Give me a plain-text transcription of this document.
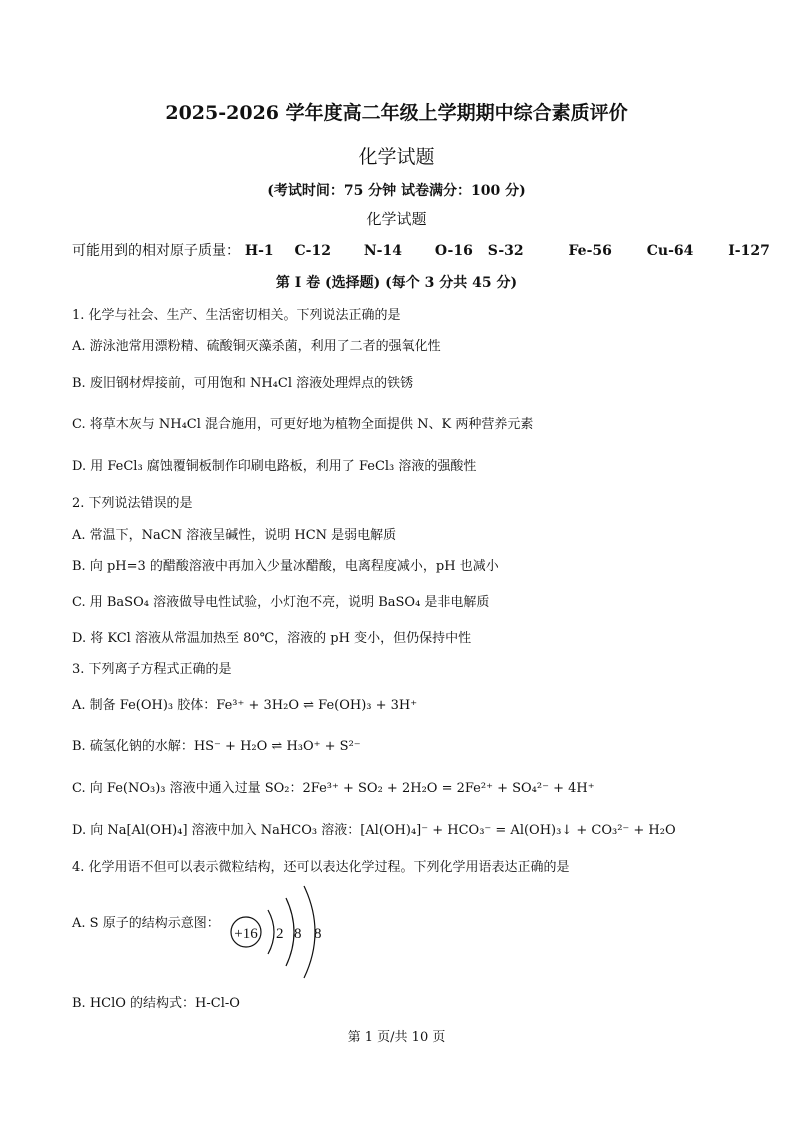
2025-2026 学年度高二年级上学期期中综合素质评价
化学试题
(考试时间：75 分钟 试卷满分：100 分)
化学试题
可能用到的相对原子质量： H-1 C-12 N-14 O-16 S-32	Fe-56 Cu-64 I-127
第 I 卷 (选择题) (每个 3 分共 45 分)
1. 化学与社会、生产、生活密切相关。下列说法正确的是
A. 游泳池常用漂粉精、硫酸铜灭藻杀菌，利用了二者的强氧化性
B. 废旧钢材焊接前，可用饱和 NH₄Cl 溶液处理焊点的铁锈
C. 将草木灰与 NH₄Cl 混合施用，可更好地为植物全面提供 N、K 两种营养元素
D. 用 FeCl₃ 腐蚀覆铜板制作印刷电路板，利用了 FeCl₃ 溶液的强酸性
2. 下列说法错误的是
A. 常温下，NaCN 溶液呈碱性，说明 HCN 是弱电解质
B. 向 pH=3 的醋酸溶液中再加入少量冰醋酸，电离程度减小，pH 也减小
C. 用 BaSO₄ 溶液做导电性试验，小灯泡不亮，说明 BaSO₄ 是非电解质
D. 将 KCl 溶液从常温加热至 80℃，溶液的 pH 变小，但仍保持中性
3. 下列离子方程式正确的是
A. 制备 Fe(OH)₃ 胶体：Fe³⁺ + 3H₂O ⇌ Fe(OH)₃ + 3H⁺
B. 硫氢化钠的水解：HS⁻ + H₂O ⇌ H₃O⁺ + S²⁻
C. 向 Fe(NO₃)₃ 溶液中通入过量 SO₂：2Fe³⁺ + SO₂ + 2H₂O = 2Fe²⁺ + SO₄²⁻ + 4H⁺
D. 向 Na[Al(OH)₄] 溶液中加入 NaHCO₃ 溶液：[Al(OH)₄]⁻ + HCO₃⁻ = Al(OH)₃↓ + CO₃²⁻ + H₂O
4. 化学用语不但可以表示微粒结构，还可以表达化学过程。下列化学用语表达正确的是
A. S 原子的结构示意图：
+16 2 8 8
B. HClO 的结构式：H-Cl-O
第 1 页/共 10 页
